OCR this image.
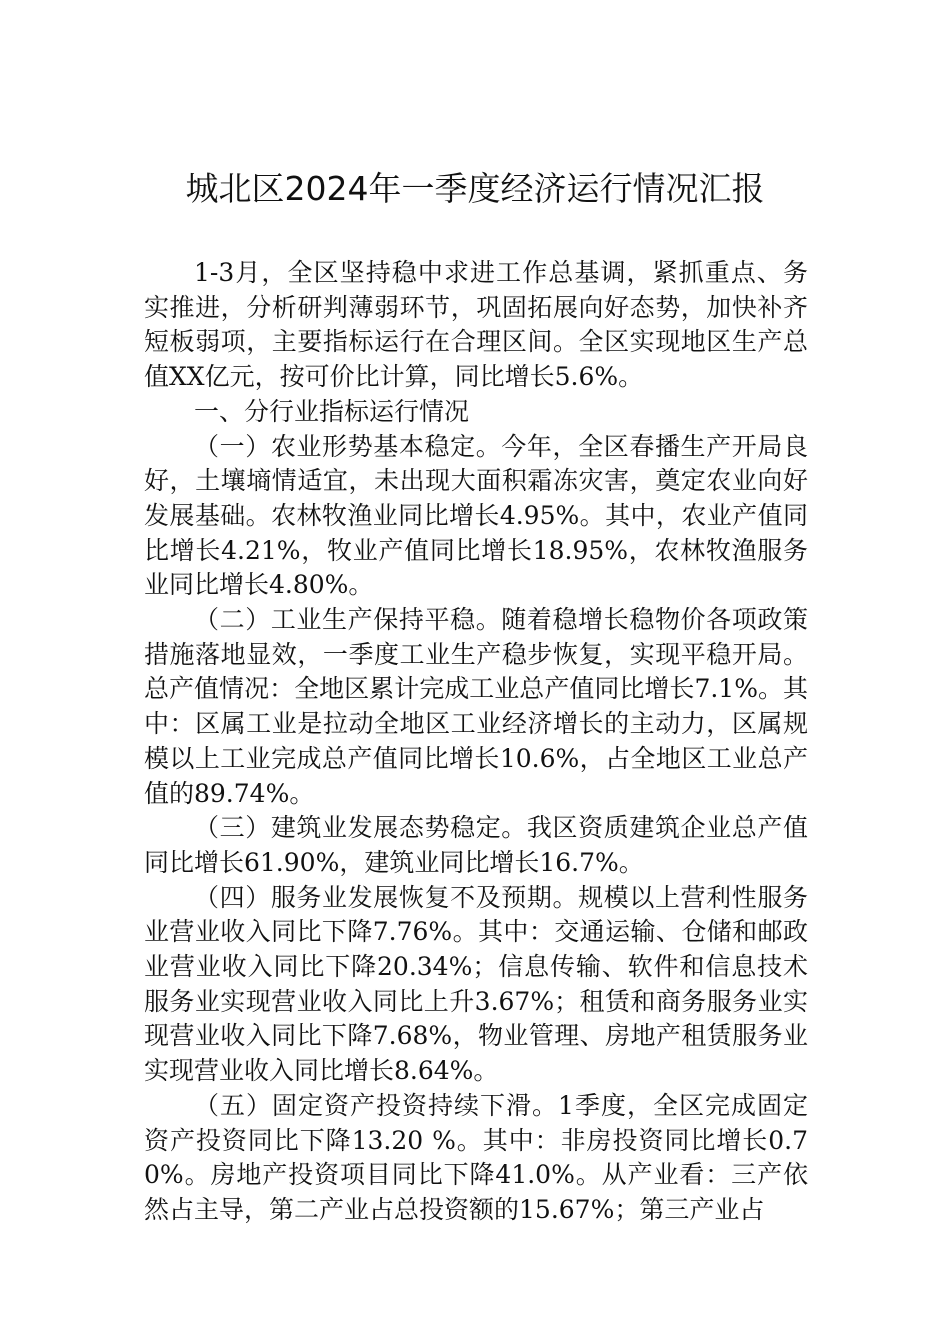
城北区2024年一季度经济运行情况汇报

1-3月，全区坚持稳中求进工作总基调，紧抓重点、务实推进，分析研判薄弱环节，巩固拓展向好态势，加快补齐短板弱项，主要指标运行在合理区间。全区实现地区生产总值XX亿元，按可价比计算，同比增长5.6%。

一、分行业指标运行情况

（一）农业形势基本稳定。今年，全区春播生产开局良好，土壤墒情适宜，未出现大面积霜冻灾害，奠定农业向好发展基础。农林牧渔业同比增长4.95%。其中，农业产值同比增长4.21%，牧业产值同比增长18.95%，农林牧渔服务业同比增长4.80%。

（二）工业生产保持平稳。随着稳增长稳物价各项政策措施落地显效，一季度工业生产稳步恢复，实现平稳开局。总产值情况：全地区累计完成工业总产值同比增长7.1%。其中：区属工业是拉动全地区工业经济增长的主动力，区属规模以上工业完成总产值同比增长10.6%，占全地区工业总产值的89.74%。

（三）建筑业发展态势稳定。我区资质建筑企业总产值同比增长61.90%，建筑业同比增长16.7%。

（四）服务业发展恢复不及预期。规模以上营利性服务业营业收入同比下降7.76%。其中：交通运输、仓储和邮政业营业收入同比下降20.34%；信息传输、软件和信息技术服务业实现营业收入同比上升3.67%；租赁和商务服务业实现营业收入同比下降7.68%，物业管理、房地产租赁服务业实现营业收入同比增长8.64%。

（五）固定资产投资持续下滑。1季度，全区完成固定资产投资同比下降13.20 %。其中：非房投资同比增长0.70%。房地产投资项目同比下降41.0%。从产业看：三产依然占主导，第二产业占总投资额的15.67%；第三产业占
